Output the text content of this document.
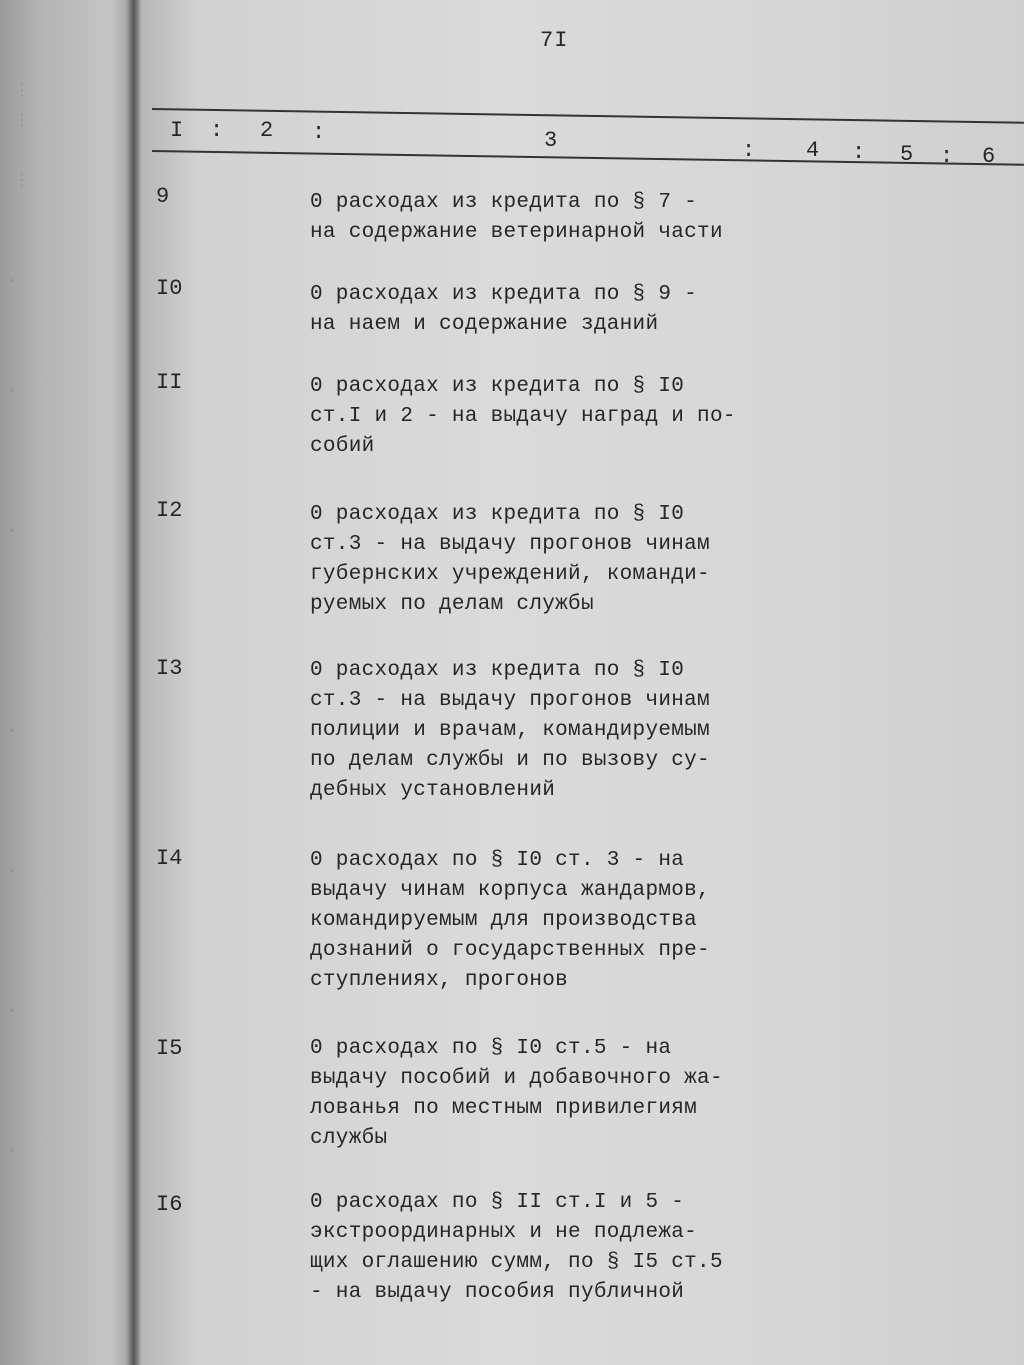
⋮
⋮
⋮
·
·
·
·
·
·
·
7I
I : 2 :	3	: 4 : 5 : 6
9	0 расходах из кредита по § 7 -
на содержание ветеринарной части
I0	0 расходах из кредита по § 9 -
на наем и содержание зданий
II	0 расходах из кредита по § I0
ст.I и 2 - на выдачу наград и по-
собий
I2	0 расходах из кредита по § I0
ст.3 - на выдачу прогонов чинам
губернских учреждений, команди-
руемых по делам службы
I3	0 расходах из кредита по § I0
ст.3 - на выдачу прогонов чинам
полиции и врачам, командируемым
по делам службы и по вызову су-
дебных установлений
I4	0 расходах по § I0 ст. 3 - на
выдачу чинам корпуса жандармов,
командируемым для производства
дознаний о государственных пре-
ступлениях, прогонов
I5	0 расходах по § I0 ст.5 - на
выдачу пособий и добавочного жа-
лованья по местным привилегиям
службы
I6	0 расходах по § II ст.I и 5 -
экстроординарных и не подлежа-
щих оглашению сумм, по § I5 ст.5
- на выдачу пособия публичной
